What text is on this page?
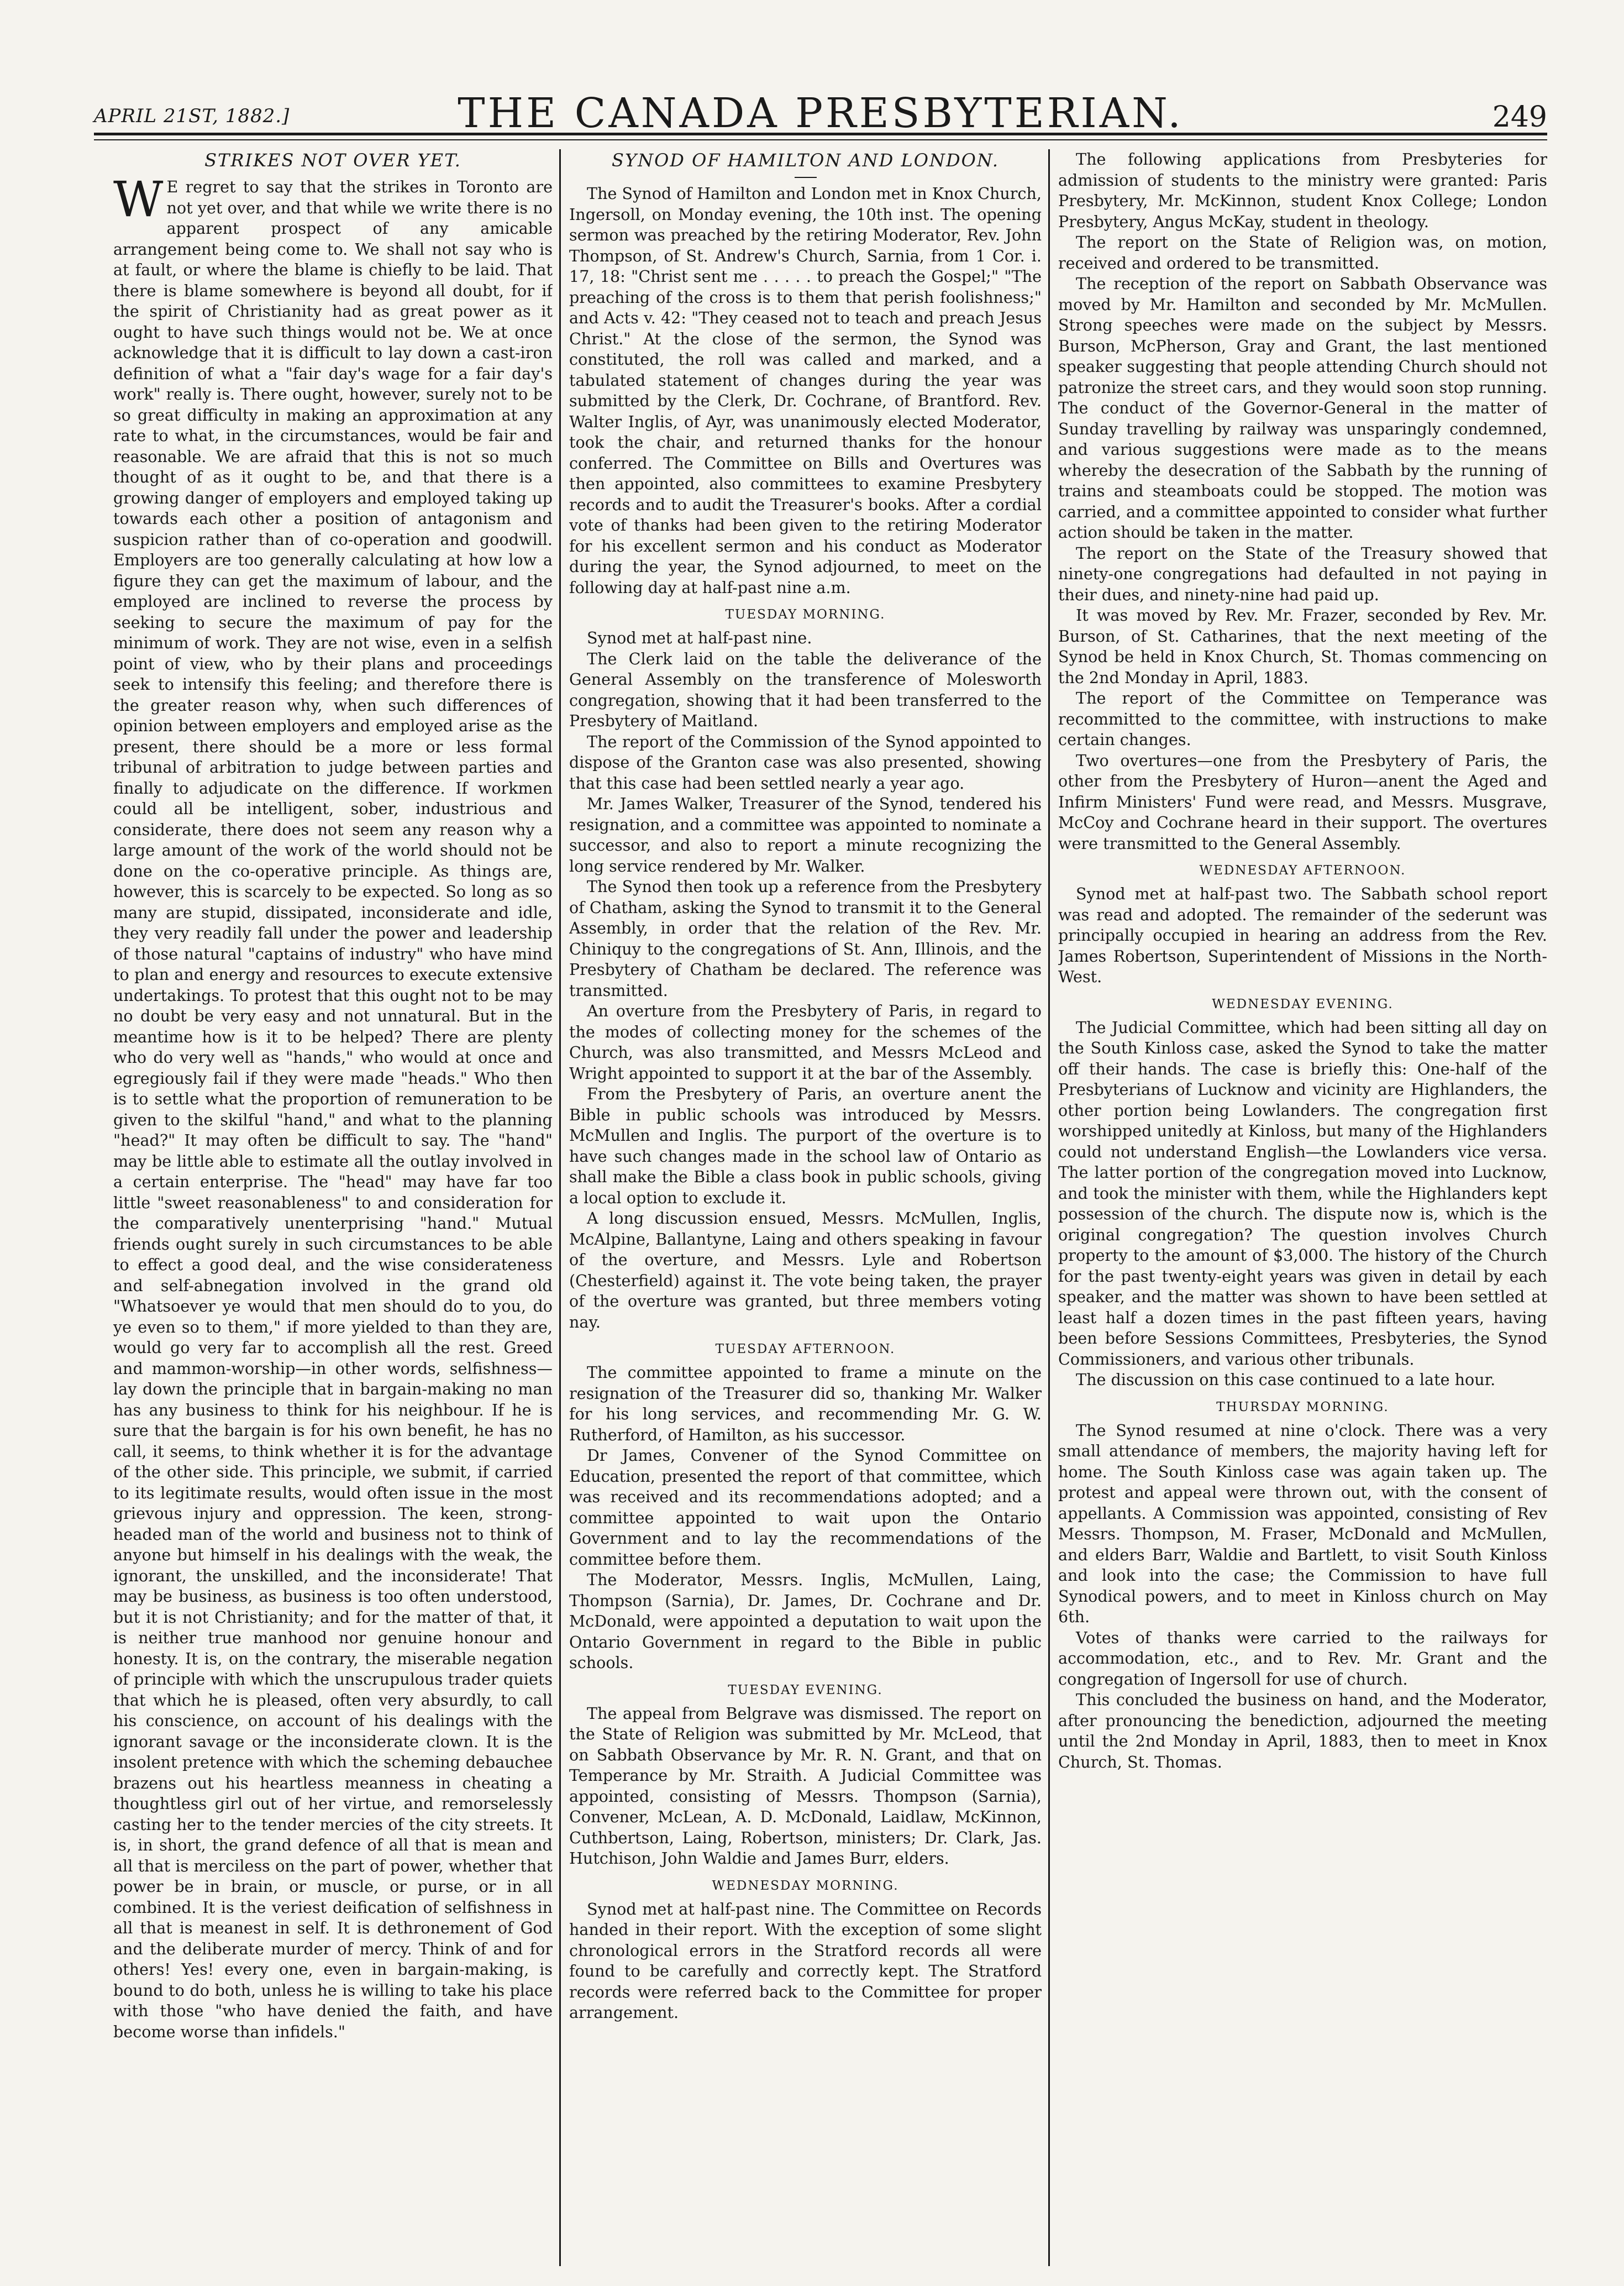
APRIL 21ST, 1882.]	THE CANADA PRESBYTERIAN.	249
STRIKES NOT OVER YET.

W E regret to say that the strikes in Toronto are not yet over, and that while we write there is no apparent prospect of any amicable arrangement being come to. We shall not say who is at fault, or where the blame is chiefly to be laid. That there is blame somewhere is beyond all doubt, for if the spirit of Christianity had as great power as it ought to have such things would not be. We at once acknowledge that it is difficult to lay down a cast-iron definition of what a "fair day's wage for a fair day's work" really is. There ought, however, surely not to be so great difficulty in making an approximation at any rate to what, in the circumstances, would be fair and reasonable. We are afraid that this is not so much thought of as it ought to be, and that there is a growing danger of employers and employed taking up towards each other a position of antagonism and suspicion rather than of co-operation and goodwill. Employers are too generally calculating at how low a figure they can get the maximum of labour, and the employed are inclined to reverse the process by seeking to secure the maximum of pay for the minimum of work. They are not wise, even in a selfish point of view, who by their plans and proceedings seek to intensify this feeling; and therefore there is the greater reason why, when such differences of opinion between employers and employed arise as the present, there should be a more or less formal tribunal of arbitration to judge between parties and finally to adjudicate on the difference. If workmen could all be intelligent, sober, industrious and considerate, there does not seem any reason why a large amount of the work of the world should not be done on the co-operative principle. As things are, however, this is scarcely to be expected. So long as so many are stupid, dissipated, inconsiderate and idle, they very readily fall under the power and leadership of those natural "captains of industry" who have mind to plan and energy and resources to execute extensive undertakings. To protest that this ought not to be may no doubt be very easy and not unnatural. But in the meantime how is it to be helped? There are plenty who do very well as "hands," who would at once and egregiously fail if they were made "heads." Who then is to settle what the proportion of remuneration to be given to the skilful "hand," and what to the planning "head?" It may often be difficult to say. The "hand" may be little able to estimate all the outlay involved in a certain enterprise. The "head" may have far too little "sweet reasonableness" to and consideration for the comparatively unenterprising "hand." Mutual friends ought surely in such circumstances to be able to effect a good deal, and the wise considerateness and self-abnegation involved in the grand old "Whatsoever ye would that men should do to you, do ye even so to them," if more yielded to than they are, would go very far to accomplish all the rest. Greed and mammon-worship—in other words, selfishness—lay down the principle that in bargain-making no man has any business to think for his neighbour. If he is sure that the bargain is for his own benefit, he has no call, it seems, to think whether it is for the advantage of the other side. This principle, we submit, if carried to its legitimate results, would often issue in the most grievous injury and oppression. The keen, strong-headed man of the world and business not to think of anyone but himself in his dealings with the weak, the ignorant, the unskilled, and the inconsiderate! That may be business, as business is too often understood, but it is not Christianity; and for the matter of that, it is neither true manhood nor genuine honour and honesty. It is, on the contrary, the miserable negation of principle with which the unscrupulous trader quiets that which he is pleased, often very absurdly, to call his conscience, on account of his dealings with the ignorant savage or the inconsiderate clown. It is the insolent pretence with which the scheming debauchee brazens out his heartless meanness in cheating a thoughtless girl out of her virtue, and remorselessly casting her to the tender mercies of the city streets. It is, in short, the grand defence of all that is mean and all that is merciless on the part of power, whether that power be in brain, or muscle, or purse, or in all combined. It is the veriest deification of selfishness in all that is meanest in self. It is dethronement of God and the deliberate murder of mercy. Think of and for others! Yes! every one, even in bargain-making, is bound to do both, unless he is willing to take his place with those "who have denied the faith, and have become worse than infidels."

SYNOD OF HAMILTON AND LONDON.

The Synod of Hamilton and London met in Knox Church, Ingersoll, on Monday evening, the 10th inst. The opening sermon was preached by the retiring Moderator, Rev. John Thompson, of St. Andrew's Church, Sarnia, from 1 Cor. i. 17, 18: "Christ sent me . . . . . to preach the Gospel;" "The preaching of the cross is to them that perish foolishness;" and Acts v. 42: "They ceased not to teach and preach Jesus Christ." At the close of the sermon, the Synod was constituted, the roll was called and marked, and a tabulated statement of changes during the year was submitted by the Clerk, Dr. Cochrane, of Brantford. Rev. Walter Inglis, of Ayr, was unanimously elected Moderator, took the chair, and returned thanks for the honour conferred. The Committee on Bills and Overtures was then appointed, also committees to examine Presbytery records and to audit the Treasurer's books. After a cordial vote of thanks had been given to the retiring Moderator for his excellent sermon and his conduct as Moderator during the year, the Synod adjourned, to meet on the following day at half-past nine a.m.

TUESDAY MORNING.

Synod met at half-past nine.

The Clerk laid on the table the deliverance of the General Assembly on the transference of Molesworth congregation, showing that it had been transferred to the Presbytery of Maitland.

The report of the Commission of the Synod appointed to dispose of the Granton case was also presented, showing that this case had been settled nearly a year ago.

Mr. James Walker, Treasurer of the Synod, tendered his resignation, and a committee was appointed to nominate a successor, and also to report a minute recognizing the long service rendered by Mr. Walker.

The Synod then took up a reference from the Presbytery of Chatham, asking the Synod to transmit it to the General Assembly, in order that the relation of the Rev. Mr. Chiniquy to the congregations of St. Ann, Illinois, and the Presbytery of Chatham be declared. The reference was transmitted.

An overture from the Presbytery of Paris, in regard to the modes of collecting money for the schemes of the Church, was also transmitted, and Messrs McLeod and Wright appointed to support it at the bar of the Assembly.

From the Presbytery of Paris, an overture anent the Bible in public schools was introduced by Messrs. McMullen and Inglis. The purport of the overture is to have such changes made in the school law of Ontario as shall make the Bible a class book in public schools, giving a local option to exclude it.

A long discussion ensued, Messrs. McMullen, Inglis, McAlpine, Ballantyne, Laing and others speaking in favour of the overture, and Messrs. Lyle and Robertson (Chesterfield) against it. The vote being taken, the prayer of the overture was granted, but three members voting nay.

TUESDAY AFTERNOON.

The committee appointed to frame a minute on the resignation of the Treasurer did so, thanking Mr. Walker for his long services, and recommending Mr. G. W. Rutherford, of Hamilton, as his successor.

Dr James, Convener of the Synod Committee on Education, presented the report of that committee, which was received and its recommendations adopted; and a committee appointed to wait upon the Ontario Government and to lay the recommendations of the committee before them.

The Moderator, Messrs. Inglis, McMullen, Laing, Thompson (Sarnia), Dr. James, Dr. Cochrane and Dr. McDonald, were appointed a deputation to wait upon the Ontario Government in regard to the Bible in public schools.

TUESDAY EVENING.

The appeal from Belgrave was dismissed. The report on the State of Religion was submitted by Mr. McLeod, that on Sabbath Observance by Mr. R. N. Grant, and that on Temperance by Mr. Straith. A Judicial Committee was appointed, consisting of Messrs. Thompson (Sarnia), Convener, McLean, A. D. McDonald, Laidlaw, McKinnon, Cuthbertson, Laing, Robertson, ministers; Dr. Clark, Jas. Hutchison, John Waldie and James Burr, elders.

WEDNESDAY MORNING.

Synod met at half-past nine. The Committee on Records handed in their report. With the exception of some slight chronological errors in the Stratford records all were found to be carefully and correctly kept. The Stratford records were referred back to the Committee for proper arrangement.

The following applications from Presbyteries for admission of students to the ministry were granted: Paris Presbytery, Mr. McKinnon, student Knox College; London Presbytery, Angus McKay, student in theology.

The report on the State of Religion was, on motion, received and ordered to be transmitted.

The reception of the report on Sabbath Observance was moved by Mr. Hamilton and seconded by Mr. McMullen. Strong speeches were made on the subject by Messrs. Burson, McPherson, Gray and Grant, the last mentioned speaker suggesting that people attending Church should not patronize the street cars, and they would soon stop running. The conduct of the Governor-General in the matter of Sunday travelling by railway was unsparingly condemned, and various suggestions were made as to the means whereby the desecration of the Sabbath by the running of trains and steamboats could be stopped. The motion was carried, and a committee appointed to consider what further action should be taken in the matter.

The report on the State of the Treasury showed that ninety-one congregations had defaulted in not paying in their dues, and ninety-nine had paid up.

It was moved by Rev. Mr. Frazer, seconded by Rev. Mr. Burson, of St. Catharines, that the next meeting of the Synod be held in Knox Church, St. Thomas commencing on the 2nd Monday in April, 1883.

The report of the Committee on Temperance was recommitted to the committee, with instructions to make certain changes.

Two overtures—one from the Presbytery of Paris, the other from the Presbytery of Huron—anent the Aged and Infirm Ministers' Fund were read, and Messrs. Musgrave, McCoy and Cochrane heard in their support. The overtures were transmitted to the General Assembly.

WEDNESDAY AFTERNOON.

Synod met at half-past two. The Sabbath school report was read and adopted. The remainder of the sederunt was principally occupied in hearing an address from the Rev. James Robertson, Superintendent of Missions in the North-West.

WEDNESDAY EVENING.

The Judicial Committee, which had been sitting all day on the South Kinloss case, asked the Synod to take the matter off their hands. The case is briefly this: One-half of the Presbyterians of Lucknow and vicinity are Highlanders, the other portion being Lowlanders. The congregation first worshipped unitedly at Kinloss, but many of the Highlanders could not understand English—the Lowlanders vice versa. The latter portion of the congregation moved into Lucknow, and took the minister with them, while the Highlanders kept possession of the church. The dispute now is, which is the original congregation? The question involves Church property to the amount of $3,000. The history of the Church for the past twenty-eight years was given in detail by each speaker, and the matter was shown to have been settled at least half a dozen times in the past fifteen years, having been before Sessions Committees, Presbyteries, the Synod Commissioners, and various other tribunals.

The discussion on this case continued to a late hour.

THURSDAY MORNING.

The Synod resumed at nine o'clock. There was a very small attendance of members, the majority having left for home. The South Kinloss case was again taken up. The protest and appeal were thrown out, with the consent of appellants. A Commission was appointed, consisting of Rev Messrs. Thompson, M. Fraser, McDonald and McMullen, and elders Barr, Waldie and Bartlett, to visit South Kinloss and look into the case; the Commission to have full Synodical powers, and to meet in Kinloss church on May 6th.

Votes of thanks were carried to the railways for accommodation, etc., and to Rev. Mr. Grant and the congregation of Ingersoll for use of church.

This concluded the business on hand, and the Moderator, after pronouncing the benediction, adjourned the meeting until the 2nd Monday in April, 1883, then to meet in Knox Church, St. Thomas.
